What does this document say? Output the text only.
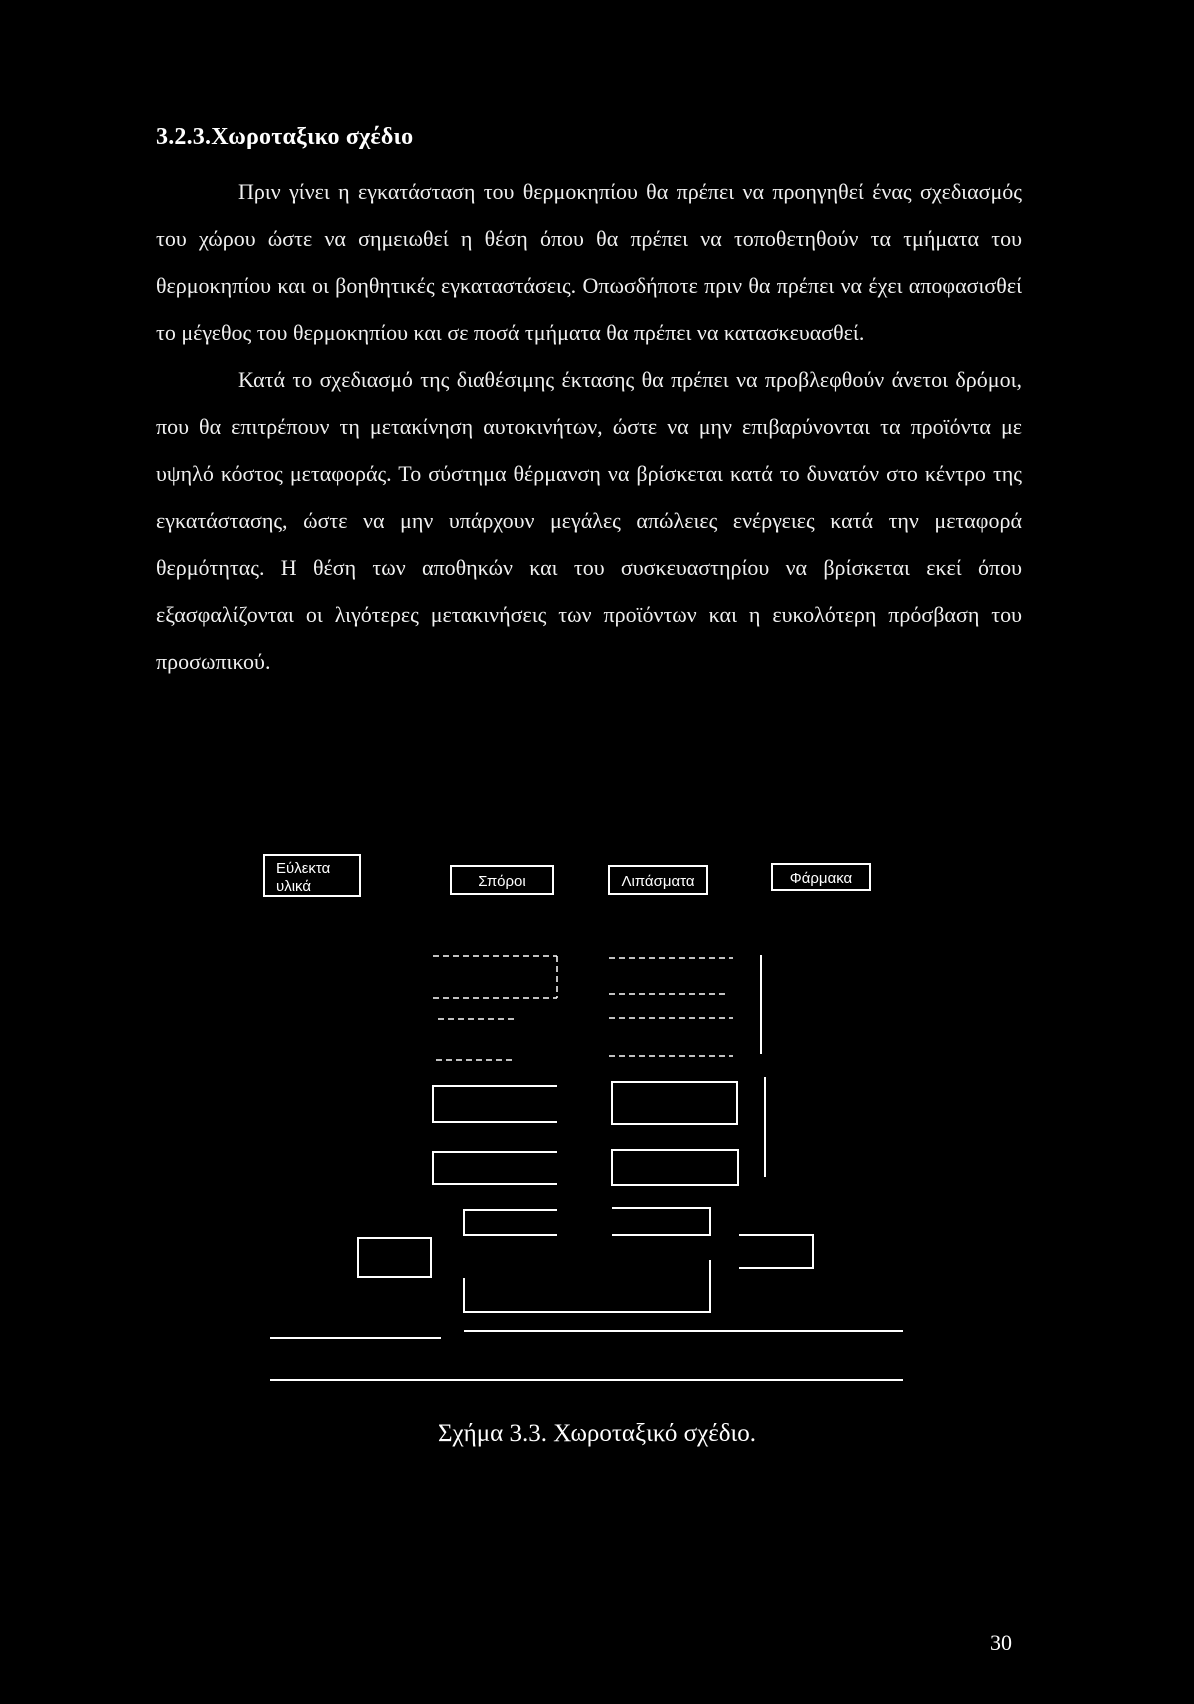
3.2.3.Χωροταξικο σχέδιο

Πριν γίνει η εγκατάσταση του θερμοκηπίου θα πρέπει να προηγηθεί ένας σχεδιασμός του χώρου ώστε να σημειωθεί η θέση όπου θα πρέπει να τοποθετηθούν τα τμήματα του θερμοκηπίου και οι βοηθητικές εγκαταστάσεις. Οπωσδήποτε πριν θα πρέπει να έχει αποφασισθεί το μέγεθος του θερμοκηπίου και σε ποσά τμήματα θα πρέπει να κατασκευασθεί.

Κατά το σχεδιασμό της διαθέσιμης έκτασης θα πρέπει να προβλεφθούν άνετοι δρόμοι, που θα επιτρέπουν τη μετακίνηση αυτοκινήτων, ώστε να μην επιβαρύνονται τα προϊόντα με υψηλό κόστος μεταφοράς. Το σύστημα θέρμανση να βρίσκεται κατά το δυνατόν στο κέντρο της εγκατάστασης, ώστε να μην υπάρχουν μεγάλες απώλειες ενέργειες κατά την μεταφορά θερμότητας. Η θέση των αποθηκών και του συσκευαστηρίου να βρίσκεται εκεί όπου εξασφαλίζονται οι λιγότερες μετακινήσεις των προϊόντων και η ευκολότερη πρόσβαση του προσωπικού.

Εύλεκτα
υλικά	Σπόροι	Λιπάσματα	Φάρμακα
Σχήμα 3.3. Χωροταξικό σχέδιο.
30
